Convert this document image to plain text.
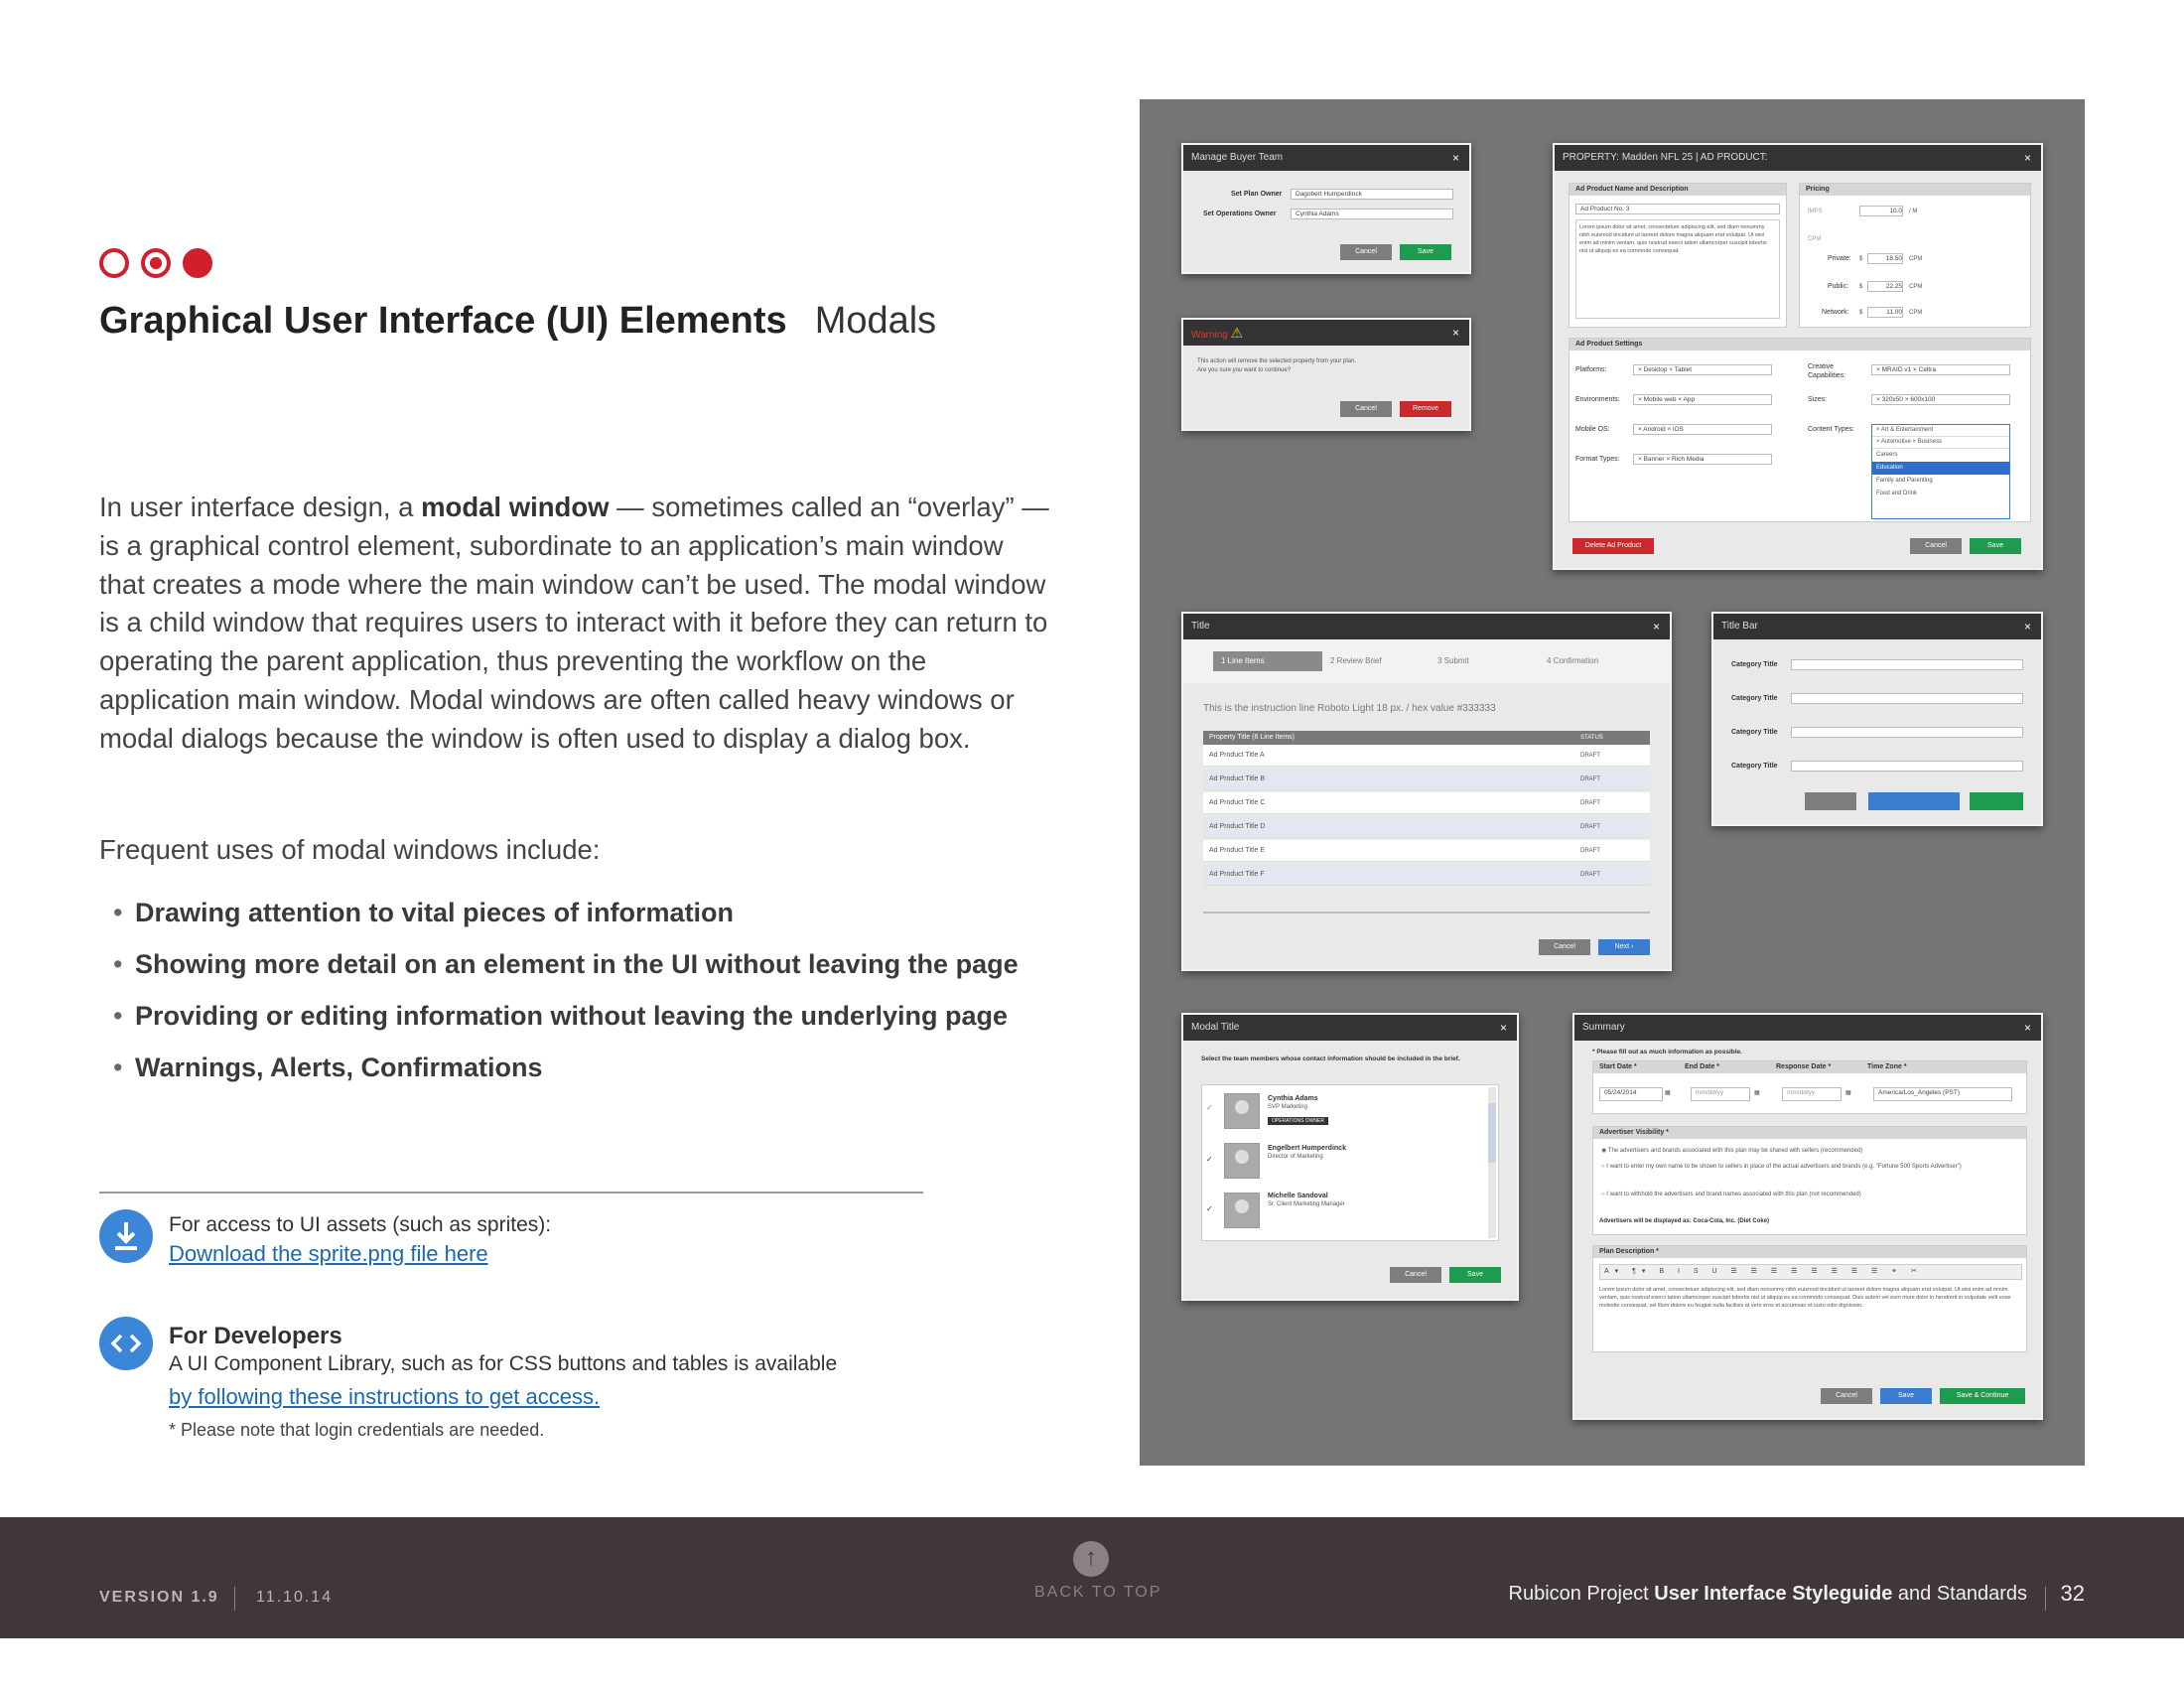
Graphical User Interface (UI) Elements Modals

In user interface design, a modal window — sometimes called an “overlay” — is a graphical control element, subordinate to an application’s main window that creates a mode where the main window can’t be used. The modal window is a child window that requires users to interact with it before they can return to operating the parent application, thus preventing the workflow on the application main window. Modal windows are often called heavy windows or modal dialogs because the window is often used to display a dialog box.

Frequent uses of modal windows include:

• Drawing attention to vital pieces of information
• Showing more detail on an element in the UI without leaving the page
• Providing or editing information without leaving the underlying page
• Warnings, Alerts, Confirmations
For access to UI assets (such as sprites):
Download the sprite.png file here
For Developers
A UI Component Library, such as for CSS buttons and tables is available
by following these instructions to get access.
* Please note that login credentials are needed.
Manage Buyer Team	×
Set Plan Owner	Dagobert Humperdinck
Set Operations Owner	Cynthia Adams
Cancel	Save
Warning ⚠	×
This action will remove the selected property from your plan.
Are you sure you want to continue?
Cancel	Remove
PROPERTY: Madden NFL 25 | AD PRODUCT:	×
Ad Product Name and Description
Ad Product No. 3
Lorem ipsum dolor sit amet, consectetuer adipiscing elit, sed diam nonummy nibh euismod tincidunt ut laoreet dolore magna aliquam erat volutpat. Ut wisi enim ad minim veniam, quis nostrud exerci tation ullamcorper suscipit lobortis nisl ut aliquip ex ea commodo consequat.
Pricing
IMPS	10.0 / M
CPM
Private: $	18.50 CPM
Public: $	22.25 CPM
Network: $	11.00 CPM
Ad Product Settings
Platforms:	× Desktop × Tablet
Environments:	× Mobile web × App
Mobile OS:	× Android × iOS
Format Types:	× Banner × Rich Media
Creative Capabilities:
× MRAID v1 × Celtra
Sizes:	× 320x50 × 600x100
Content Types:	× Art & Entertainment
× Automotive × Business
Careers
Education
Family and Parenting
Food and Drink
Delete Ad Product	Cancel	Save
Title	×
1 Line Items	2 Review Brief	3 Submit	4 Confirmation
This is the instruction line Roboto Light 18 px. / hex value #333333
Property Title (6 Line Items)	STATUS
Ad Product Title A	DRAFT
Ad Product Title B	DRAFT
Ad Product Title C	DRAFT
Ad Product Title D	DRAFT
Ad Product Title E	DRAFT
Ad Product Title F	DRAFT
Cancel	Next ›
Title Bar	×
Category Title
Category Title
Category Title
Category Title
Modal Title	×
Select the team members whose contact information should be included in the brief.
✓
Cynthia Adams
SVP Marketing
OPERATIONS OWNER
✓
Engelbert Humperdinck
Director of Marketing
✓
Michelle Sandoval
Sr. Client Marketing Manager
Cancel	Save
Summary	×
* Please fill out as much information as possible.
Start Date *	End Date *	Response Date *	Time Zone *
05/24/2014	▦	mm/dd/yy	▦	mm/dd/yy	▦	America/Los_Angeles (PST)
Advertiser Visibility *
◉ The advertisers and brands associated with this plan may be shared with sellers (recommended)
○ I want to enter my own name to be shown to sellers in place of the actual advertisers and brands (e.g. "Fortune 500 Sports Advertiser")
○ I want to withhold the advertisers and brand names associated with this plan (not recommended)
Advertisers will be displayed as: Coca-Cola, Inc. (Diet Coke)
Plan Description *
A▾ ¶▾ B I S U ☰ ☰ ☰ ☰ ☰ ☰ ☰ ☰ ⚭ ✂
Lorem ipsum dolor sit amet, consectetuer adipiscing elit, sed diam nonummy nibh euismod tincidunt ut laoreet dolore magna aliquam erat volutpat. Ut wisi enim ad minim veniam, quis nostrud exerci tation ullamcorper suscipit lobortis nisl ut aliquip ex ea commodo consequat. Duis autem vel eum iriure dolor in hendrerit in vulputate velit esse molestie consequat, vel illum dolore eu feugiat nulla facilisis at vero eros et accumsan et iusto odio dignissim.
Cancel	Save	Save & Continue
VERSION 1.9 11.10.14
↑
BACK TO TOP	Rubicon Project User Interface Styleguide and Standards 32
